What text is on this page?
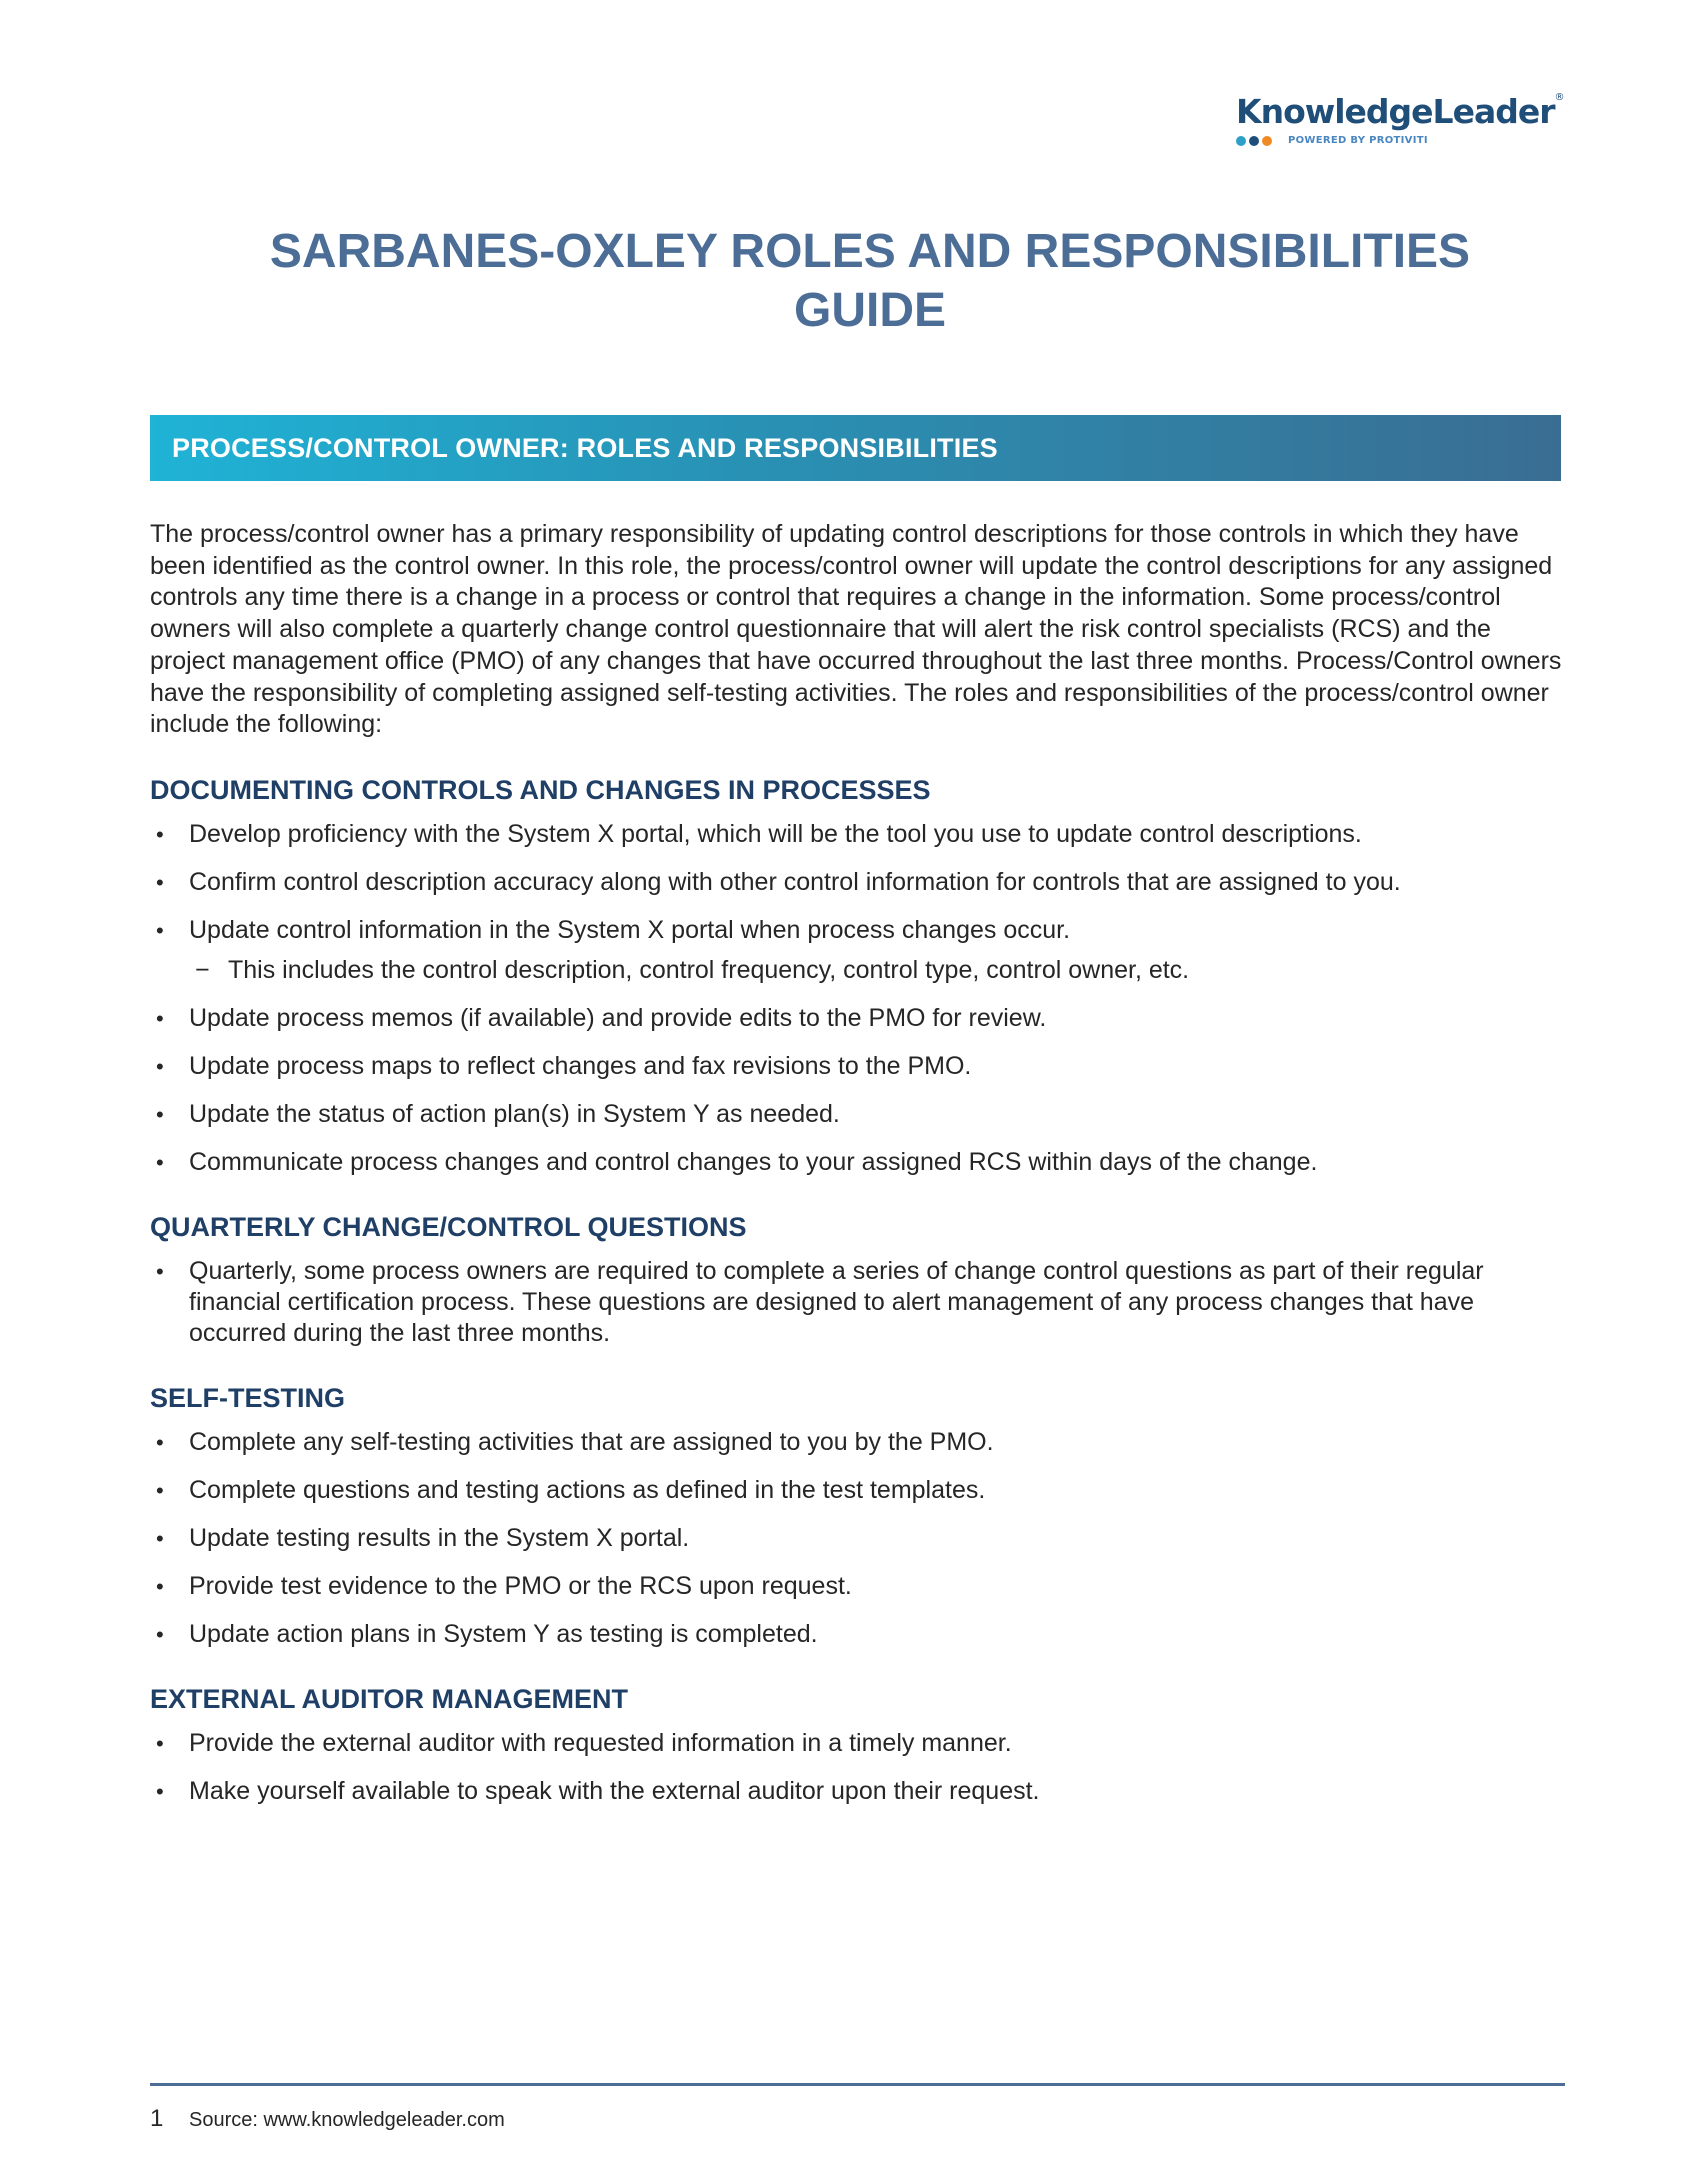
KnowledgeLeader®
POWERED BY PROTIVITI
SARBANES-OXLEY ROLES AND RESPONSIBILITIES GUIDE
PROCESS/CONTROL OWNER: ROLES AND RESPONSIBILITIES

The process/control owner has a primary responsibility of updating control descriptions for those controls in which they have been identified as the control owner. In this role, the process/control owner will update the control descriptions for any assigned controls any time there is a change in a process or control that requires a change in the information. Some process/control owners will also complete a quarterly change control questionnaire that will alert the risk control specialists (RCS) and the project management office (PMO) of any changes that have occurred throughout the last three months. Process/Control owners have the responsibility of completing assigned self-testing activities. The roles and responsibilities of the process/control owner include the following:

DOCUMENTING CONTROLS AND CHANGES IN PROCESSES
• Develop proficiency with the System X portal, which will be the tool you use to update control descriptions.
• Confirm control description accuracy along with other control information for controls that are assigned to you.
• Update control information in the System X portal when process changes occur.
− This includes the control description, control frequency, control type, control owner, etc.
• Update process memos (if available) and provide edits to the PMO for review.
• Update process maps to reflect changes and fax revisions to the PMO.
• Update the status of action plan(s) in System Y as needed.
• Communicate process changes and control changes to your assigned RCS within days of the change.
QUARTERLY CHANGE/CONTROL QUESTIONS
• Quarterly, some process owners are required to complete a series of change control questions as part of their regular financial certification process. These questions are designed to alert management of any process changes that have occurred during the last three months.
SELF-TESTING
• Complete any self-testing activities that are assigned to you by the PMO.
• Complete questions and testing actions as defined in the test templates.
• Update testing results in the System X portal.
• Provide test evidence to the PMO or the RCS upon request.
• Update action plans in System Y as testing is completed.
EXTERNAL AUDITOR MANAGEMENT
• Provide the external auditor with requested information in a timely manner.
• Make yourself available to speak with the external auditor upon their request.
1	Source: www.knowledgeleader.com
